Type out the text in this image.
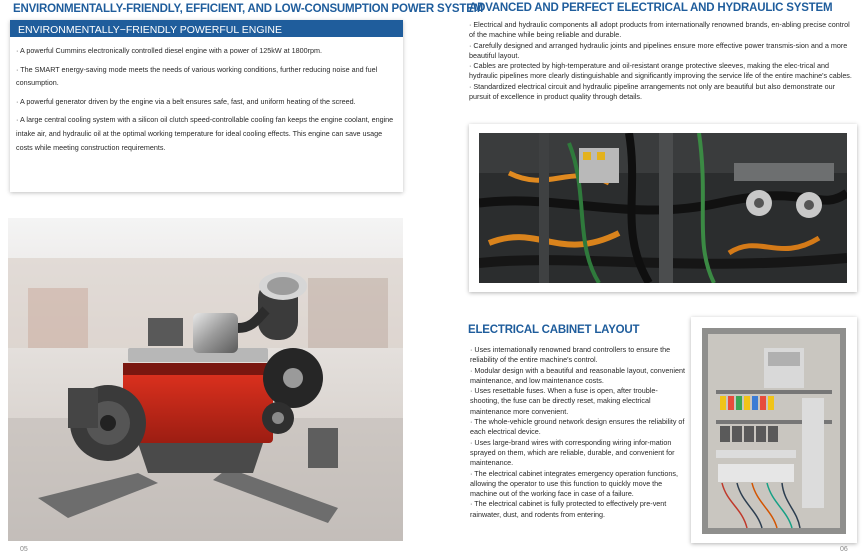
ENVIRONMENTALLY-FRIENDLY, EFFICIENT, AND LOW-CONSUMPTION POWER SYSTEM
ENVIRONMENTALLY−FRIENDLY POWERFUL ENGINE

· A powerful Cummins electronically controlled diesel engine with a power of 125kW at 1800rpm.

· The SMART energy-saving mode meets the needs of various working conditions, further reducing noise and fuel consumption.

· A powerful generator driven by the engine via a belt ensures safe, fast, and uniform heating of the screed.

· A large central cooling system with a silicon oil clutch speed-controllable cooling fan keeps the engine coolant, engine intake air, and hydraulic oil at the optimal working temperature for ideal cooling effects. This engine can save usage costs while meeting construction requirements.

05
ADVANCED AND PERFECT ELECTRICAL AND HYDRAULIC SYSTEM

· Electrical and hydraulic components all adopt products from internationally renowned brands, en-abling precise control of the machine while being reliable and durable.

· Carefully designed and arranged hydraulic joints and pipelines ensure more effective power transmis-sion and a more beautiful layout.

· Cables are protected by high-temperature and oil-resistant orange protective sleeves, making the elec-trical and hydraulic pipelines more clearly distinguishable and significantly improving the service life of the entire machine's cables.

· Standardized electrical circuit and hydraulic pipeline arrangements not only are beautiful but also demonstrate our pursuit of excellence in product quality through details.

ELECTRICAL CABINET LAYOUT

· Uses internationally renowned brand controllers to ensure the reliability of the entire machine's control.

· Modular design with a beautiful and reasonable layout, convenient maintenance, and low maintenance costs.

· Uses resettable fuses. When a fuse is open, after trouble-shooting, the fuse can be directly reset, making electrical maintenance more convenient.

· The whole-vehicle ground network design ensures the reliability of each electrical device.

· Uses large-brand wires with corresponding wiring infor-mation sprayed on them, which are reliable, durable, and convenient for maintenance.

· The electrical cabinet integrates emergency operation functions, allowing the operator to use this function to quickly move the machine out of the working face in case of a failure.

· The electrical cabinet is fully protected to effectively pre-vent rainwater, dust, and rodents from entering.

06
